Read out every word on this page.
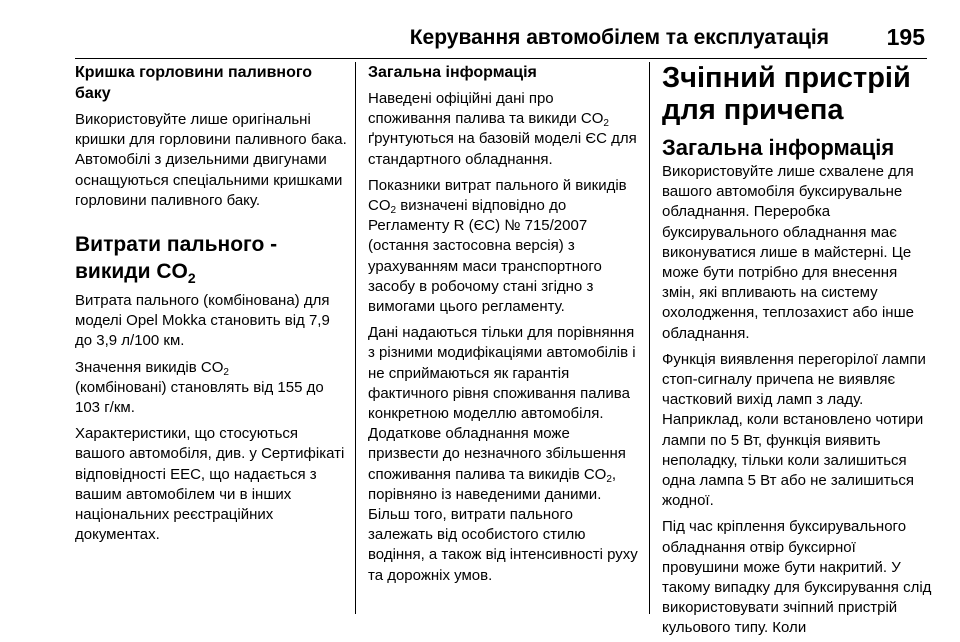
Керування автомобілем та експлуатація	195
Кришка горловини паливного баку

Використовуйте лише оригінальні кришки для горловини паливного бака. Автомобілі з дизельними двигунами оснащуються спеціальними кришками горловини паливного баку.

Витрати пального -
викиди $CO_2$

Витрата пального (комбінована) для моделі Opel Mokka становить від 7,9 до 3,9 л/100 км.

Значення викидів $CO_2$
(комбіновані) становлять від 155 до 103 г/км.

Характеристики, що стосуються вашого автомобіля, див. у Сертифікаті відповідності EEC, що надається з вашим автомобілем чи в інших національних реєстраційних документах.

Загальна інформація

Наведені офіційні дані про споживання палива та викиди $CO_2$ ґрунтуються на базовій моделі ЄС для стандартного обладнання.

Показники витрат пального й викидів $CO_2$ визначені відповідно до Регламенту R (ЄС) № 715/2007 (остання застосовна версія) з урахуванням маси транспортного засобу в робочому стані згідно з вимогами цього регламенту.

Дані надаються тільки для порівняння з різними модифікаціями автомобілів і не сприймаються як гарантія фактичного рівня споживання палива конкретною моделлю автомобіля. Додаткове обладнання може призвести до незначного збільшення споживання палива та викидів $CO_2$, порівняно із наведеними даними. Більш того, витрати пального залежать від особистого стилю водіння, а також від інтенсивності руху та дорожніх умов.

Зчіпний пристрій для причепа
Загальна інформація

Використовуйте лише схвалене для вашого автомобіля буксирувальне обладнання. Переробка буксирувального обладнання має виконуватися лише в майстерні. Це може бути потрібно для внесення змін, які впливають на систему охолодження, теплозахист або інше обладнання.

Функція виявлення перегорілої лампи стоп-сигналу причепа не виявляє частковий вихід ламп з ладу. Наприклад, коли встановлено чотири лампи по 5 Вт, функція виявить неполадку, тільки коли залишиться одна лампа 5 Вт або не залишиться жодної.

Під час кріплення буксирувального обладнання отвір буксирної провушини може бути накритий. У такому випадку для буксирування слід використовувати зчіпний пристрій кульового типу. Коли
